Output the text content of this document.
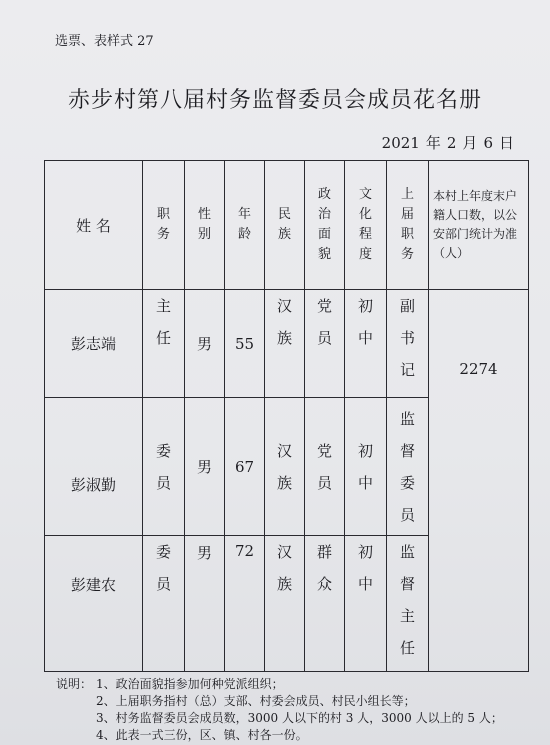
选票、表样式 27
赤步村第八届村务监督委员会成员花名册
2021 年 2 月 6 日
姓 名	职务	性别	年龄	民族	政治面貌	文化程度	上届职务	本村上年度末户籍人口数，以公安部门统计为准（人）

彭志端	主任	男	55	汉族	党员	初中	副书记	2274
彭淑勤	委员	男	67	汉族	党员	初中	监督委员	
彭建农	委员	男	72	汉族	群众	初中	监督主任	
说明： 1、政治面貌指参加何种党派组织；
2、上届职务指村（总）支部、村委会成员、村民小组长等；
3、村务监督委员会成员数，3000 人以下的村 3 人，3000 人以上的 5 人；
4、此表一式三份，区、镇、村各一份。
